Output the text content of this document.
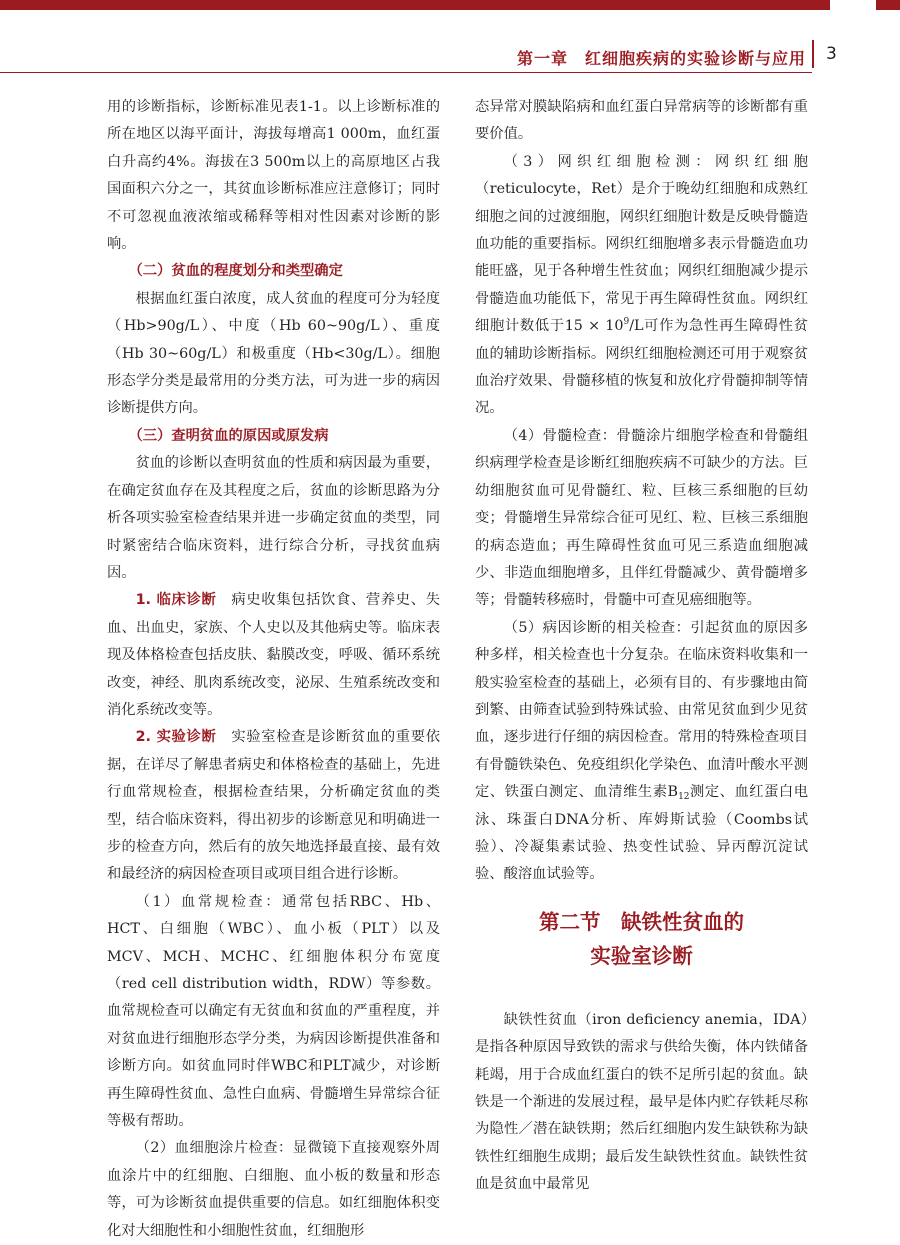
第一章　红细胞疾病的实验诊断与应用 3

用的诊断指标，诊断标准见表1-1。以上诊断标准的所在地区以海平面计，海拔每增高1 000m，血红蛋白升高约4%。海拔在3 500m以上的高原地区占我国面积六分之一，其贫血诊断标准应注意修订；同时不可忽视血液浓缩或稀释等相对性因素对诊断的影响。

（二）贫血的程度划分和类型确定

根据血红蛋白浓度，成人贫血的程度可分为轻度（Hb>90g/L）、中度（Hb 60~90g/L）、重度（Hb 30~60g/L）和极重度（Hb<30g/L）。细胞形态学分类是最常用的分类方法，可为进一步的病因诊断提供方向。

（三）查明贫血的原因或原发病

贫血的诊断以查明贫血的性质和病因最为重要，在确定贫血存在及其程度之后，贫血的诊断思路为分析各项实验室检查结果并进一步确定贫血的类型，同时紧密结合临床资料，进行综合分析，寻找贫血病因。

1. 临床诊断　病史收集包括饮食、营养史、失血、出血史，家族、个人史以及其他病史等。临床表现及体格检查包括皮肤、黏膜改变，呼吸、循环系统改变，神经、肌肉系统改变，泌尿、生殖系统改变和消化系统改变等。

2. 实验诊断　实验室检查是诊断贫血的重要依据，在详尽了解患者病史和体格检查的基础上，先进行血常规检查，根据检查结果，分析确定贫血的类型，结合临床资料，得出初步的诊断意见和明确进一步的检查方向，然后有的放矢地选择最直接、最有效和最经济的病因检查项目或项目组合进行诊断。

（1）血常规检查：通常包括RBC、Hb、HCT、白细胞（WBC）、血小板（PLT）以及MCV、MCH、MCHC、红细胞体积分布宽度（red cell distribution width，RDW）等参数。血常规检查可以确定有无贫血和贫血的严重程度，并对贫血进行细胞形态学分类，为病因诊断提供准备和诊断方向。如贫血同时伴WBC和PLT减少，对诊断再生障碍性贫血、急性白血病、骨髓增生异常综合征等极有帮助。

（2）血细胞涂片检查：显微镜下直接观察外周血涂片中的红细胞、白细胞、血小板的数量和形态等，可为诊断贫血提供重要的信息。如红细胞体积变化对大细胞性和小细胞性贫血，红细胞形

态异常对膜缺陷病和血红蛋白异常病等的诊断都有重要价值。

（3）网织红细胞检测：网织红细胞（reticulocyte，Ret）是介于晚幼红细胞和成熟红细胞之间的过渡细胞，网织红细胞计数是反映骨髓造血功能的重要指标。网织红细胞增多表示骨髓造血功能旺盛，见于各种增生性贫血；网织红细胞减少提示骨髓造血功能低下，常见于再生障碍性贫血。网织红细胞计数低于$15 \times 10^9/L$可作为急性再生障碍性贫血的辅助诊断指标。网织红细胞检测还可用于观察贫血治疗效果、骨髓移植的恢复和放化疗骨髓抑制等情况。

（4）骨髓检查：骨髓涂片细胞学检查和骨髓组织病理学检查是诊断红细胞疾病不可缺少的方法。巨幼细胞贫血可见骨髓红、粒、巨核三系细胞的巨幼变；骨髓增生异常综合征可见红、粒、巨核三系细胞的病态造血；再生障碍性贫血可见三系造血细胞减少、非造血细胞增多，且伴红骨髓减少、黄骨髓增多等；骨髓转移癌时，骨髓中可查见癌细胞等。

（5）病因诊断的相关检查：引起贫血的原因多种多样，相关检查也十分复杂。在临床资料收集和一般实验室检查的基础上，必须有目的、有步骤地由简到繁、由筛查试验到特殊试验、由常见贫血到少见贫血，逐步进行仔细的病因检查。常用的特殊检查项目有骨髓铁染色、免疫组织化学染色、血清叶酸水平测定、铁蛋白测定、血清维生素$B_{12}$测定、血红蛋白电泳、珠蛋白DNA分析、库姆斯试验（Coombs试验）、冷凝集素试验、热变性试验、异丙醇沉淀试验、酸溶血试验等。

第二节　缺铁性贫血的
实验室诊断

缺铁性贫血（iron deficiency anemia，IDA）是指各种原因导致铁的需求与供给失衡，体内铁储备耗竭，用于合成血红蛋白的铁不足所引起的贫血。缺铁是一个渐进的发展过程，最早是体内贮存铁耗尽称为隐性／潜在缺铁期；然后红细胞内发生缺铁称为缺铁性红细胞生成期；最后发生缺铁性贫血。缺铁性贫血是贫血中最常见
